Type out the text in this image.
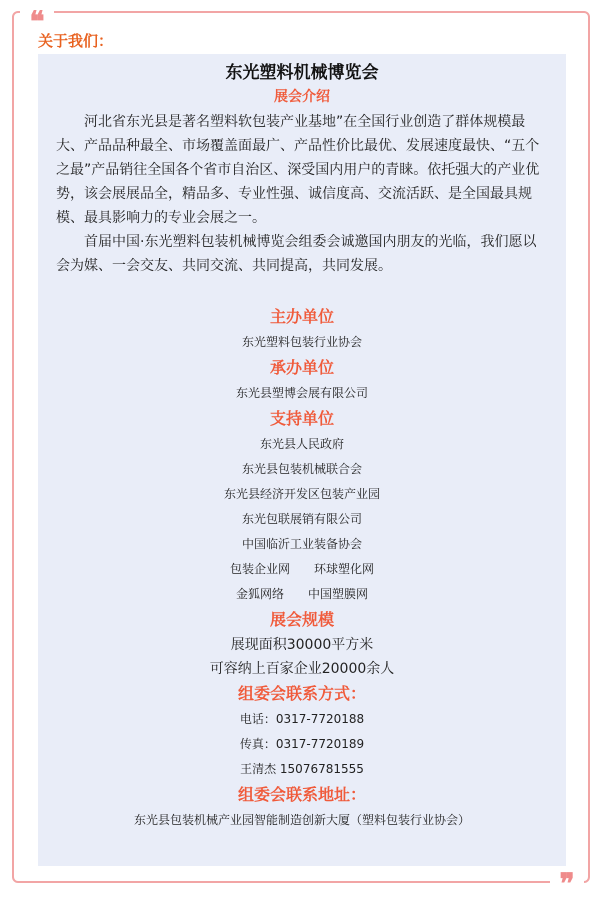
❝
❞
关于我们：
东光塑料机械博览会
展会介绍

河北省东光县是著名塑料软包装产业基地”在全国行业创造了群体规模最大、产品品种最全、市场覆盖面最广、产品性价比最优、发展速度最快、“五个之最”产品销往全国各个省市自治区、深受国内用户的青睐。依托强大的产业优势，该会展展品全，精品多、专业性强、诚信度高、交流活跃、是全国最具规模、最具影响力的专业会展之一。

首届中国·东光塑料包装机械博览会组委会诚邀国内朋友的光临，我们愿以会为媒、一会交友、共同交流、共同提高，共同发展。

主办单位
东光塑料包装行业协会
承办单位
东光县塑博会展有限公司
支持单位
东光县人民政府
东光县包装机械联合会
东光县经济开发区包装产业园
东光包联展销有限公司
中国临沂工业装备协会
包装企业网 环球塑化网
金狐网络 中国塑膜网
展会规模
展现面积30000平方米
可容纳上百家企业20000余人
组委会联系方式：
电话：0317-7720188
传真：0317-7720189
王清杰 15076781555
组委会联系地址：
东光县包装机械产业园智能制造创新大厦（塑料包装行业协会）
